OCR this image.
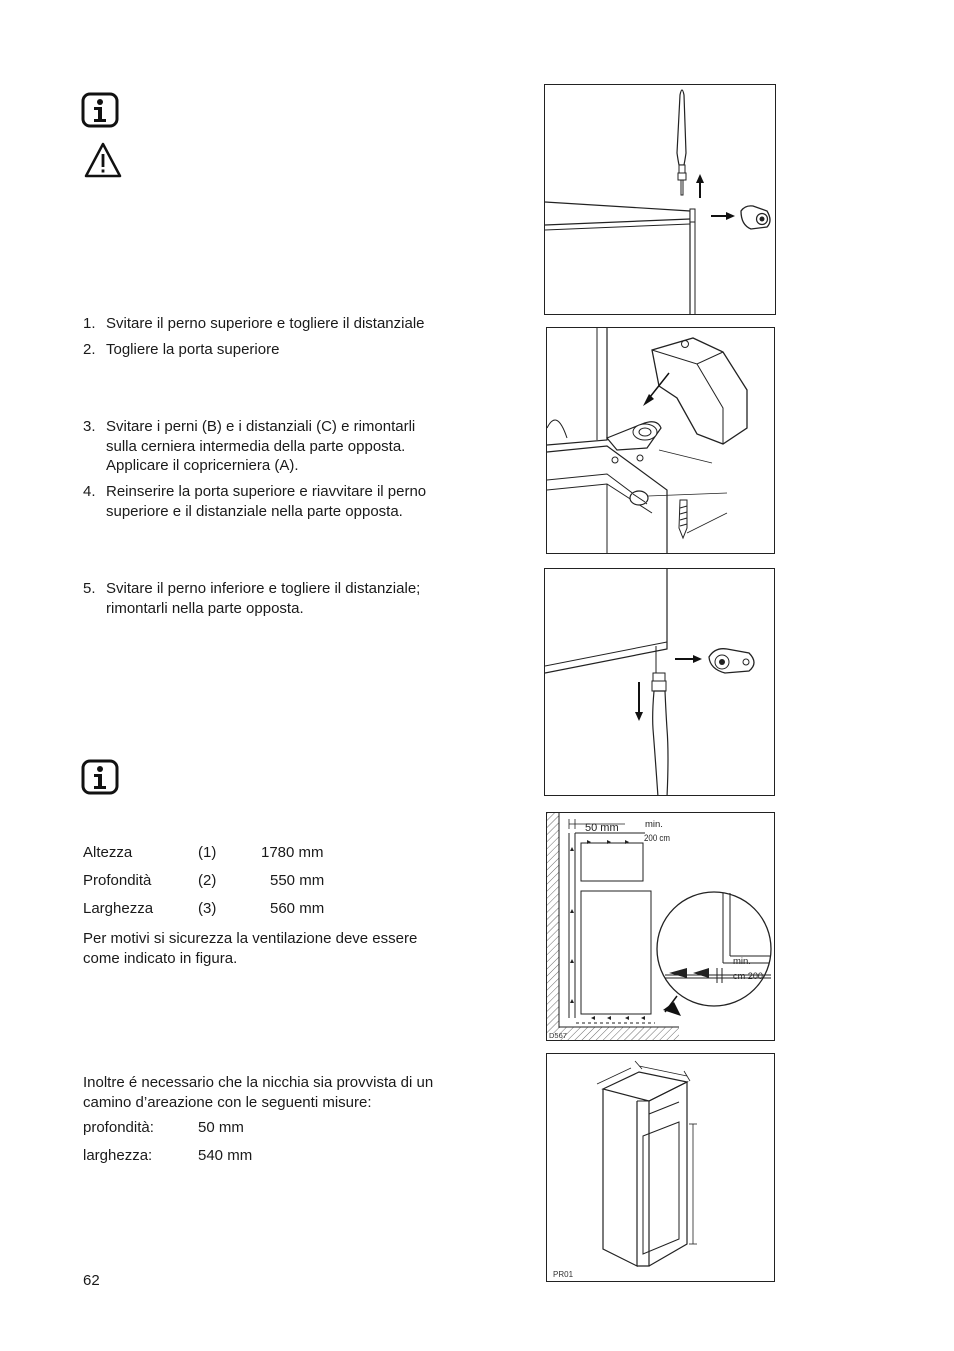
1. Svitare il perno superiore e togliere il distanziale
2. Togliere la porta superiore
3. Svitare i perni (B) e i distanziali (C) e rimontarli sulla cerniera intermedia della parte opposta. Applicare il copricerniera (A).
4. Reinserire la porta superiore e riavvitare il perno superiore e il distanziale nella parte opposta.
5. Svitare il perno inferiore e togliere il distanziale; rimontarli nella parte opposta.
Altezza	(1)	1780 mm
Profondità	(2)	550 mm
Larghezza	(3)	560 mm
Per motivi si sicurezza la ventilazione deve essere come indicato in figura.
Inoltre é necessario che la nicchia sia provvista di un camino d’areazione con le seguenti misure:
profondità:	50 mm
larghezza:	540 mm
62
50 mm	min.
200 cm
min.
cm 200
D567
PR01
